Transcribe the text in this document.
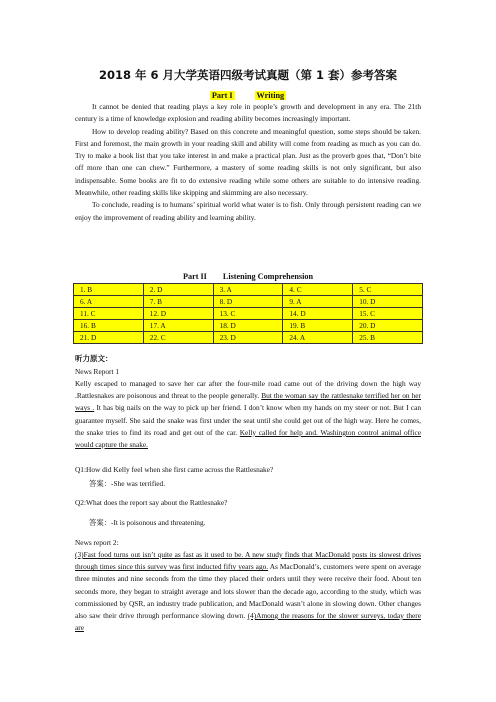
2018 年 6 月大学英语四级考试真题（第 1 套）参考答案
Part I	Writing

It cannot be denied that reading plays a key role in people’s growth and development in any era. The 21th century is a time of knowledge explosion and reading ability becomes increasingly important.

How to develop reading ability? Based on this concrete and meaningful question, some steps should be taken. First and foremost, the main growth in your reading skill and ability will come from reading as much as you can do. Try to make a book list that you take interest in and make a practical plan. Just as the proverb goes that, “Don’t bite off more than one can chew.” Furthermore, a mastery of some reading skills is not only significant, but also indispensable. Some books are fit to do extensive reading while some others are suitable to do intensive reading. Meanwhile, other reading skills like skipping and skimming are also necessary.

To conclude, reading is to humans’ spiritual world what water is to fish. Only through persistent reading can we enjoy the improvement of reading ability and learning ability.

Part II Listening Comprehension
1. B	2. D	3. A	4. C	5. C
6. A	7. B	8. D	9. A	10. D
11. C	12. D	13. C	14. D	15. C
16. B	17. A	18. D	19. B	20. D
21. D	22. C	23. D	24. A	25. B
听力原文：
News Report 1
Kelly escaped to managed to save her car after the four-mile road came out of the driving down the high way .Rattlesnakes are poisonous and threat to the people generally. But the woman say the rattlesnake terrified her on her ways . It has big nails on the way to pick up her friend. I don’t know when my hands on my steer or not. But I can guarantee myself. She said the snake was first under the seat until she could get out of the high way. Here he comes, the snake tries to find its road and get out of the car. Kelly called for help and. Washington control animal office would capture the snake.
Q1:How did Kelly feel when she first came across the Rattlesnake?
答案：-She was terrified.
Q2:What does the report say about the Rattlesnake?
答案：-It is poisonous and threatening.
News report 2:
(3)Fast food turns out isn’t quite as fast as it used to be. A new study finds that MacDonald posts its slowest drives through times since this survey was first inducted fifty years ago. As MacDonald’s, customers were spent on average three minutes and nine seconds from the time they placed their orders until they were receive their food. About ten seconds more, they began to straight average and lots slower than the decade ago, according to the study, which was commissioned by QSR, an industry trade publication, and MacDonald wasn’t alone in slowing down. Other changes also saw their drive through performance slowing down. (4)Among the reasons for the slower surveys, today there are
